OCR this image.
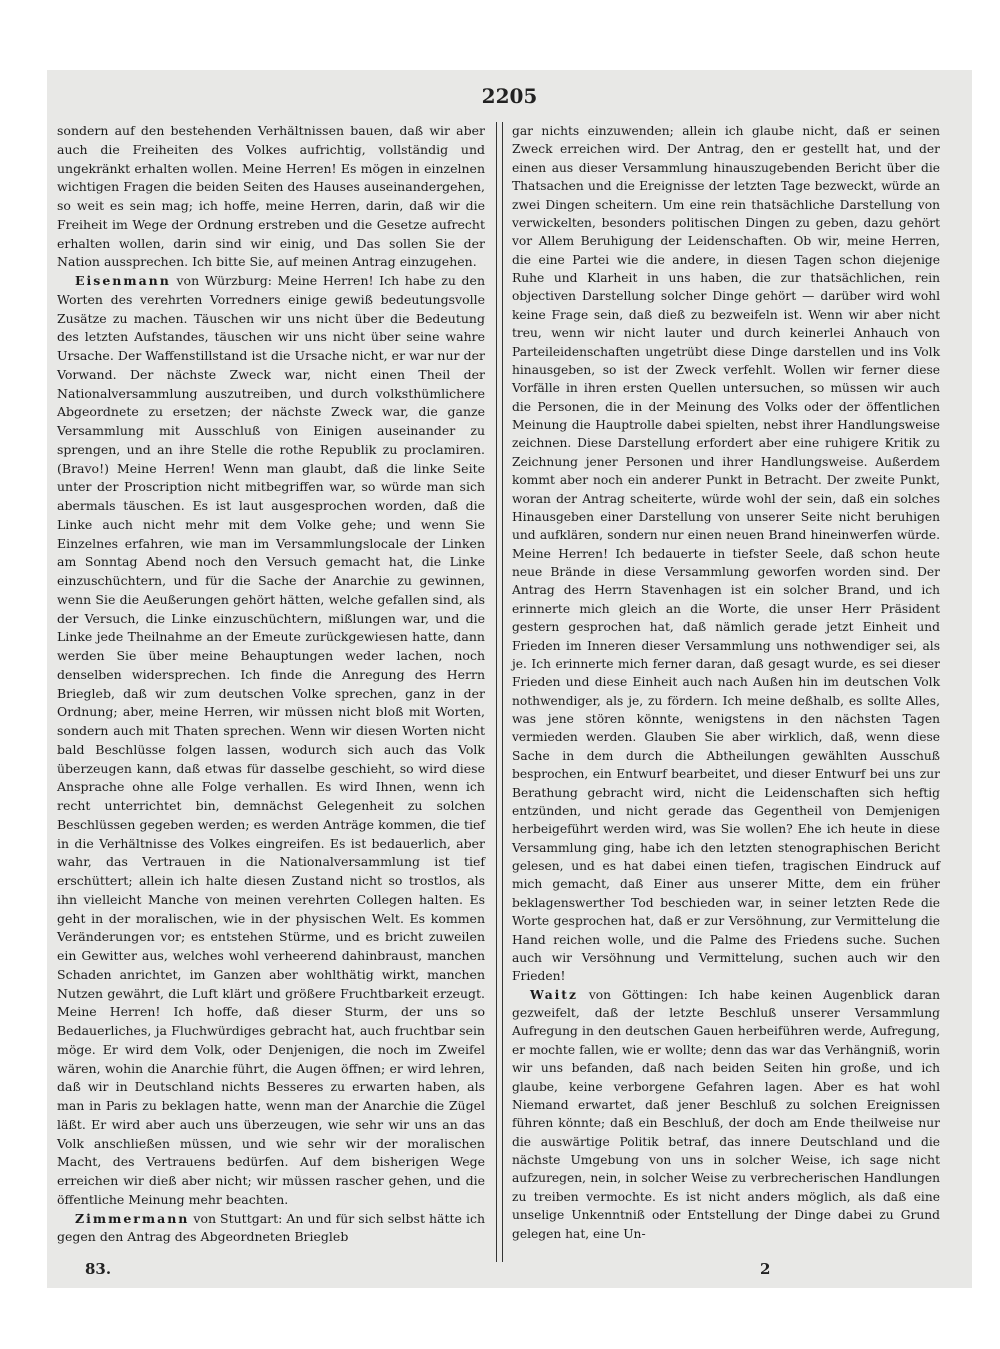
2205

sondern auf den bestehenden Verhältnissen bauen, daß wir aber auch die Freiheiten des Volkes aufrichtig, vollständig und ungekränkt erhalten wollen. Meine Herren! Es mögen in einzelnen wichtigen Fragen die beiden Seiten des Hauses auseinandergehen, so weit es sein mag; ich hoffe, meine Herren, darin, daß wir die Freiheit im Wege der Ordnung erstreben und die Gesetze aufrecht erhalten wollen, darin sind wir einig, und Das sollen Sie der Nation aussprechen. Ich bitte Sie, auf meinen Antrag einzugehen.

Eisenmann von Würzburg: Meine Herren! Ich habe zu den Worten des verehrten Vorredners einige gewiß bedeutungsvolle Zusätze zu machen. Täuschen wir uns nicht über die Bedeutung des letzten Aufstandes, täuschen wir uns nicht über seine wahre Ursache. Der Waffenstillstand ist die Ursache nicht, er war nur der Vorwand. Der nächste Zweck war, nicht einen Theil der Nationalversammlung auszutreiben, und durch volksthümlichere Abgeordnete zu ersetzen; der nächste Zweck war, die ganze Versammlung mit Ausschluß von Einigen auseinander zu sprengen, und an ihre Stelle die rothe Republik zu proclamiren. (Bravo!) Meine Herren! Wenn man glaubt, daß die linke Seite unter der Proscription nicht mitbegriffen war, so würde man sich abermals täuschen. Es ist laut ausgesprochen worden, daß die Linke auch nicht mehr mit dem Volke gehe; und wenn Sie Einzelnes erfahren, wie man im Versammlungslocale der Linken am Sonntag Abend noch den Versuch gemacht hat, die Linke einzuschüchtern, und für die Sache der Anarchie zu gewinnen, wenn Sie die Aeußerungen gehört hätten, welche gefallen sind, als der Versuch, die Linke einzuschüchtern, mißlungen war, und die Linke jede Theilnahme an der Emeute zurückgewiesen hatte, dann werden Sie über meine Behauptungen weder lachen, noch denselben widersprechen. Ich finde die Anregung des Herrn Briegleb, daß wir zum deutschen Volke sprechen, ganz in der Ordnung; aber, meine Herren, wir müssen nicht bloß mit Worten, sondern auch mit Thaten sprechen. Wenn wir diesen Worten nicht bald Beschlüsse folgen lassen, wodurch sich auch das Volk überzeugen kann, daß etwas für dasselbe geschieht, so wird diese Ansprache ohne alle Folge verhallen. Es wird Ihnen, wenn ich recht unterrichtet bin, demnächst Gelegenheit zu solchen Beschlüssen gegeben werden; es werden Anträge kommen, die tief in die Verhältnisse des Volkes eingreifen. Es ist bedauerlich, aber wahr, das Vertrauen in die Nationalversammlung ist tief erschüttert; allein ich halte diesen Zustand nicht so trostlos, als ihn vielleicht Manche von meinen verehrten Collegen halten. Es geht in der moralischen, wie in der physischen Welt. Es kommen Veränderungen vor; es entstehen Stürme, und es bricht zuweilen ein Gewitter aus, welches wohl verheerend dahinbraust, manchen Schaden anrichtet, im Ganzen aber wohlthätig wirkt, manchen Nutzen gewährt, die Luft klärt und größere Fruchtbarkeit erzeugt. Meine Herren! Ich hoffe, daß dieser Sturm, der uns so Bedauerliches, ja Fluchwürdiges gebracht hat, auch fruchtbar sein möge. Er wird dem Volk, oder Denjenigen, die noch im Zweifel wären, wohin die Anarchie führt, die Augen öffnen; er wird lehren, daß wir in Deutschland nichts Besseres zu erwarten haben, als man in Paris zu beklagen hatte, wenn man der Anarchie die Zügel läßt. Er wird aber auch uns überzeugen, wie sehr wir uns an das Volk anschließen müssen, und wie sehr wir der moralischen Macht, des Vertrauens bedürfen. Auf dem bisherigen Wege erreichen wir dieß aber nicht; wir müssen rascher gehen, und die öffentliche Meinung mehr beachten.

Zimmermann von Stuttgart: An und für sich selbst hätte ich gegen den Antrag des Abgeordneten Briegleb

gar nichts einzuwenden; allein ich glaube nicht, daß er seinen Zweck erreichen wird. Der Antrag, den er gestellt hat, und der einen aus dieser Versammlung hinauszugebenden Bericht über die Thatsachen und die Ereignisse der letzten Tage bezweckt, würde an zwei Dingen scheitern. Um eine rein thatsächliche Darstellung von verwickelten, besonders politischen Dingen zu geben, dazu gehört vor Allem Beruhigung der Leidenschaften. Ob wir, meine Herren, die eine Partei wie die andere, in diesen Tagen schon diejenige Ruhe und Klarheit in uns haben, die zur thatsächlichen, rein objectiven Darstellung solcher Dinge gehört — darüber wird wohl keine Frage sein, daß dieß zu bezweifeln ist. Wenn wir aber nicht treu, wenn wir nicht lauter und durch keinerlei Anhauch von Parteileidenschaften ungetrübt diese Dinge darstellen und ins Volk hinausgeben, so ist der Zweck verfehlt. Wollen wir ferner diese Vorfälle in ihren ersten Quellen untersuchen, so müssen wir auch die Personen, die in der Meinung des Volks oder der öffentlichen Meinung die Hauptrolle dabei spielten, nebst ihrer Handlungsweise zeichnen. Diese Darstellung erfordert aber eine ruhigere Kritik zu Zeichnung jener Personen und ihrer Handlungsweise. Außerdem kommt aber noch ein anderer Punkt in Betracht. Der zweite Punkt, woran der Antrag scheiterte, würde wohl der sein, daß ein solches Hinausgeben einer Darstellung von unserer Seite nicht beruhigen und aufklären, sondern nur einen neuen Brand hineinwerfen würde. Meine Herren! Ich bedauerte in tiefster Seele, daß schon heute neue Brände in diese Versammlung geworfen worden sind. Der Antrag des Herrn Stavenhagen ist ein solcher Brand, und ich erinnerte mich gleich an die Worte, die unser Herr Präsident gestern gesprochen hat, daß nämlich gerade jetzt Einheit und Frieden im Inneren dieser Versammlung uns nothwendiger sei, als je. Ich erinnerte mich ferner daran, daß gesagt wurde, es sei dieser Frieden und diese Einheit auch nach Außen hin im deutschen Volk nothwendiger, als je, zu fördern. Ich meine deßhalb, es sollte Alles, was jene stören könnte, wenigstens in den nächsten Tagen vermieden werden. Glauben Sie aber wirklich, daß, wenn diese Sache in dem durch die Abtheilungen gewählten Ausschuß besprochen, ein Entwurf bearbeitet, und dieser Entwurf bei uns zur Berathung gebracht wird, nicht die Leidenschaften sich heftig entzünden, und nicht gerade das Gegentheil von Demjenigen herbeigeführt werden wird, was Sie wollen? Ehe ich heute in diese Versammlung ging, habe ich den letzten stenographischen Bericht gelesen, und es hat dabei einen tiefen, tragischen Eindruck auf mich gemacht, daß Einer aus unserer Mitte, dem ein früher beklagenswerther Tod beschieden war, in seiner letzten Rede die Worte gesprochen hat, daß er zur Versöhnung, zur Vermittelung die Hand reichen wolle, und die Palme des Friedens suche. Suchen auch wir Versöhnung und Vermittelung, suchen auch wir den Frieden!

Waitz von Göttingen: Ich habe keinen Augenblick daran gezweifelt, daß der letzte Beschluß unserer Versammlung Aufregung in den deutschen Gauen herbeiführen werde, Aufregung, er mochte fallen, wie er wollte; denn das war das Verhängniß, worin wir uns befanden, daß nach beiden Seiten hin große, und ich glaube, keine verborgene Gefahren lagen. Aber es hat wohl Niemand erwartet, daß jener Beschluß zu solchen Ereignissen führen könnte; daß ein Beschluß, der doch am Ende theilweise nur die auswärtige Politik betraf, das innere Deutschland und die nächste Umgebung von uns in solcher Weise, ich sage nicht aufzuregen, nein, in solcher Weise zu verbrecherischen Handlungen zu treiben vermochte. Es ist nicht anders möglich, als daß eine unselige Unkenntniß oder Entstellung der Dinge dabei zu Grund gelegen hat, eine Un-

83.	2
